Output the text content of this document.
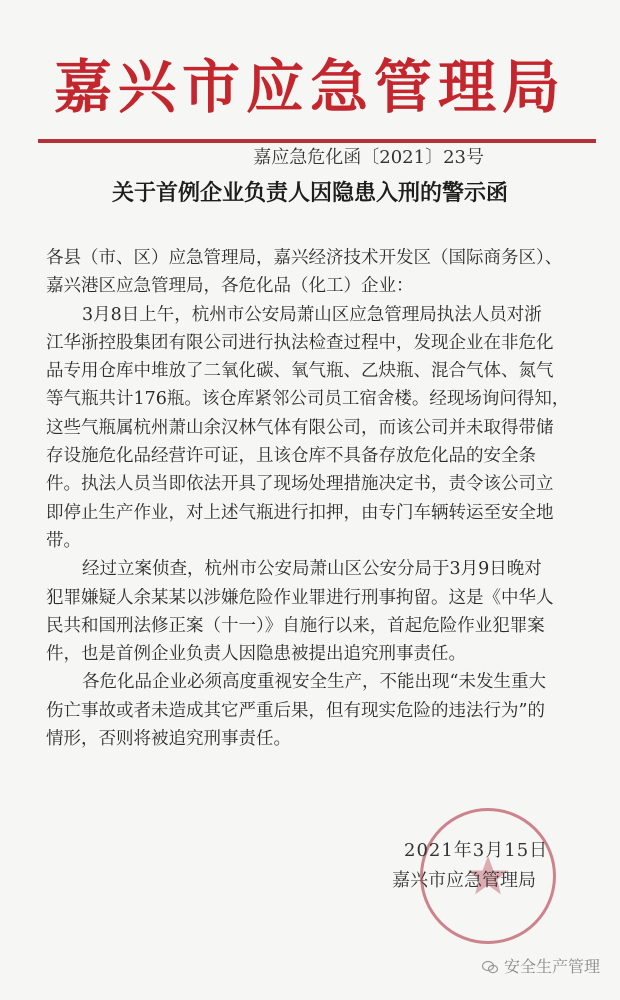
嘉兴市应急管理局
嘉应急危化函〔2021〕23号
关于首例企业负责人因隐患入刑的警示函
各县（市、区）应急管理局，嘉兴经济技术开发区（国际商务区）、
嘉兴港区应急管理局，各危化品（化工）企业：
3月8日上午，杭州市公安局萧山区应急管理局执法人员对浙
江华浙控股集团有限公司进行执法检查过程中，发现企业在非危化
品专用仓库中堆放了二氧化碳、氧气瓶、乙炔瓶、混合气体、氮气
等气瓶共计176瓶。该仓库紧邻公司员工宿舍楼。经现场询问得知，
这些气瓶属杭州萧山余汉林气体有限公司，而该公司并未取得带储
存设施危化品经营许可证，且该仓库不具备存放危化品的安全条
件。执法人员当即依法开具了现场处理措施决定书，责令该公司立
即停止生产作业，对上述气瓶进行扣押，由专门车辆转运至安全地
带。
经过立案侦查，杭州市公安局萧山区公安分局于3月9日晚对
犯罪嫌疑人余某某以涉嫌危险作业罪进行刑事拘留。这是《中华人
民共和国刑法修正案（十一）》自施行以来，首起危险作业犯罪案
件，也是首例企业负责人因隐患被提出追究刑事责任。
各危化品企业必须高度重视安全生产，不能出现“未发生重大
伤亡事故或者未造成其它严重后果，但有现实危险的违法行为”的
情形，否则将被追究刑事责任。
2021年3月15日
嘉兴市应急管理局
安全生产管理
